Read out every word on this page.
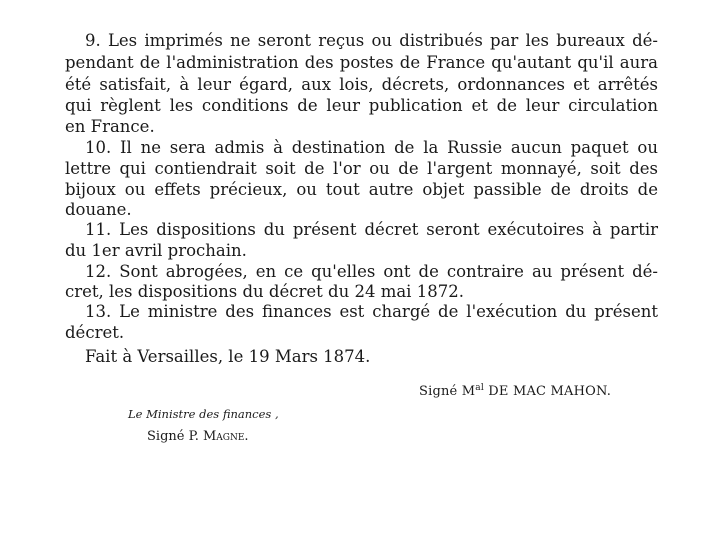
9. Les imprimés ne seront reçus ou distribués par les bureaux dé-
pendant de l'administration des postes de France qu'autant qu'il aura
été satisfait, à leur égard, aux lois, décrets, ordonnances et arrêtés
qui règlent les conditions de leur publication et de leur circulation
en France.
10. Il ne sera admis à destination de la Russie aucun paquet ou
lettre qui contiendrait soit de l'or ou de l'argent monnayé, soit des
bijoux ou effets précieux, ou tout autre objet passible de droits de
douane.
11. Les dispositions du présent décret seront exécutoires à partir
du 1er avril prochain.
12. Sont abrogées, en ce qu'elles ont de contraire au présent dé-
cret, les dispositions du décret du 24 mai 1872.
13. Le ministre des finances est chargé de l'exécution du présent
décret.
Fait à Versailles, le 19 Mars 1874.
Signé $M^{al}$ DE MAC MAHON.
Le Ministre des finances ,
Signé P. Magne.
